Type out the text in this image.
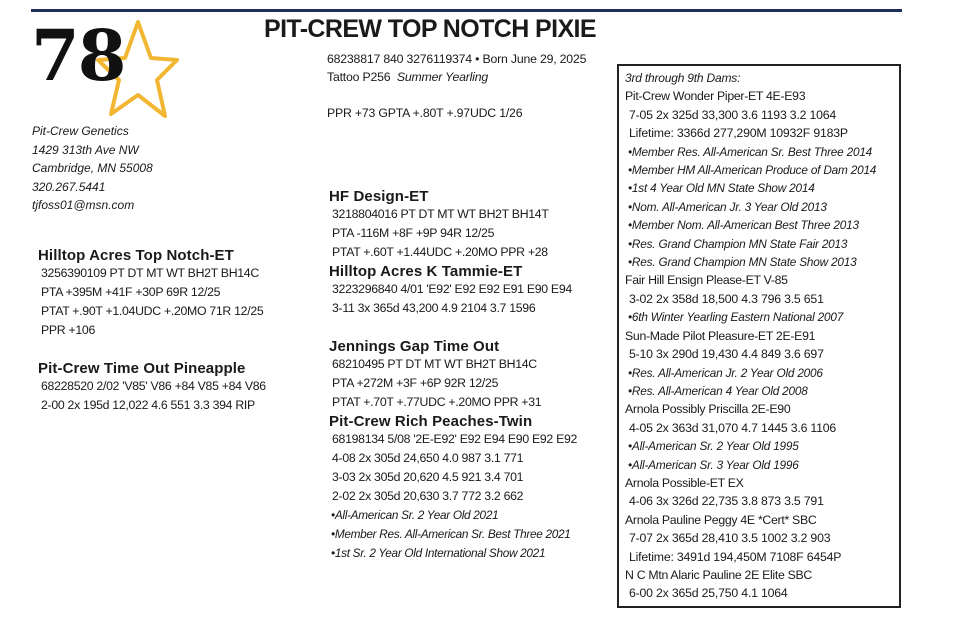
78
Pit-Crew Genetics
1429 313th Ave NW
Cambridge, MN 55008
320.267.5441
tjfoss01@msn.com
PIT-CREW TOP NOTCH PIXIE
68238817 840 3276119374 • Born June 29, 2025
Tattoo P256 Summer Yearling
PPR +73 GPTA +.80T +.97UDC 1/26
Hilltop Acres Top Notch-ET
3256390109 PT DT MT WT BH2T BH14C
PTA +395M +41F +30P 69R 12/25
PTAT +.90T +1.04UDC +.20MO 71R 12/25
PPR +106
Pit-Crew Time Out Pineapple
68228520 2/02 'V85' V86 +84 V85 +84 V86
2-00 2x 195d 12,022 4.6 551 3.3 394 RIP
HF Design-ET
3218804016 PT DT MT WT BH2T BH14T
PTA -116M +8F +9P 94R 12/25
PTAT +.60T +1.44UDC +.20MO PPR +28
Hilltop Acres K Tammie-ET
3223296840 4/01 'E92' E92 E92 E91 E90 E94
3-11 3x 365d 43,200 4.9 2104 3.7 1596
Jennings Gap Time Out
68210495 PT DT MT WT BH2T BH14C
PTA +272M +3F +6P 92R 12/25
PTAT +.70T +.77UDC +.20MO PPR +31
Pit-Crew Rich Peaches-Twin
68198134 5/08 '2E-E92' E92 E94 E90 E92 E92
4-08 2x 305d 24,650 4.0 987 3.1 771
3-03 2x 305d 20,620 4.5 921 3.4 701
2-02 2x 305d 20,630 3.7 772 3.2 662
•All-American Sr. 2 Year Old 2021
•Member Res. All-American Sr. Best Three 2021
•1st Sr. 2 Year Old International Show 2021
3rd through 9th Dams:
Pit-Crew Wonder Piper-ET 4E-E93
7-05 2x 325d 33,300 3.6 1193 3.2 1064
Lifetime: 3366d 277,290M 10932F 9183P
•Member Res. All-American Sr. Best Three 2014
•Member HM All-American Produce of Dam 2014
•1st 4 Year Old MN State Show 2014
•Nom. All-American Jr. 3 Year Old 2013
•Member Nom. All-American Best Three 2013
•Res. Grand Champion MN State Fair 2013
•Res. Grand Champion MN State Show 2013
Fair Hill Ensign Please-ET V-85
3-02 2x 358d 18,500 4.3 796 3.5 651
•6th Winter Yearling Eastern National 2007
Sun-Made Pilot Pleasure-ET 2E-E91
5-10 3x 290d 19,430 4.4 849 3.6 697
•Res. All-American Jr. 2 Year Old 2006
•Res. All-American 4 Year Old 2008
Arnola Possibly Priscilla 2E-E90
4-05 2x 363d 31,070 4.7 1445 3.6 1106
•All-American Sr. 2 Year Old 1995
•All-American Sr. 3 Year Old 1996
Arnola Possible-ET EX
4-06 3x 326d 22,735 3.8 873 3.5 791
Arnola Pauline Peggy 4E *Cert* SBC
7-07 2x 365d 28,410 3.5 1002 3.2 903
Lifetime: 3491d 194,450M 7108F 6454P
N C Mtn Alaric Pauline 2E Elite SBC
6-00 2x 365d 25,750 4.1 1064
